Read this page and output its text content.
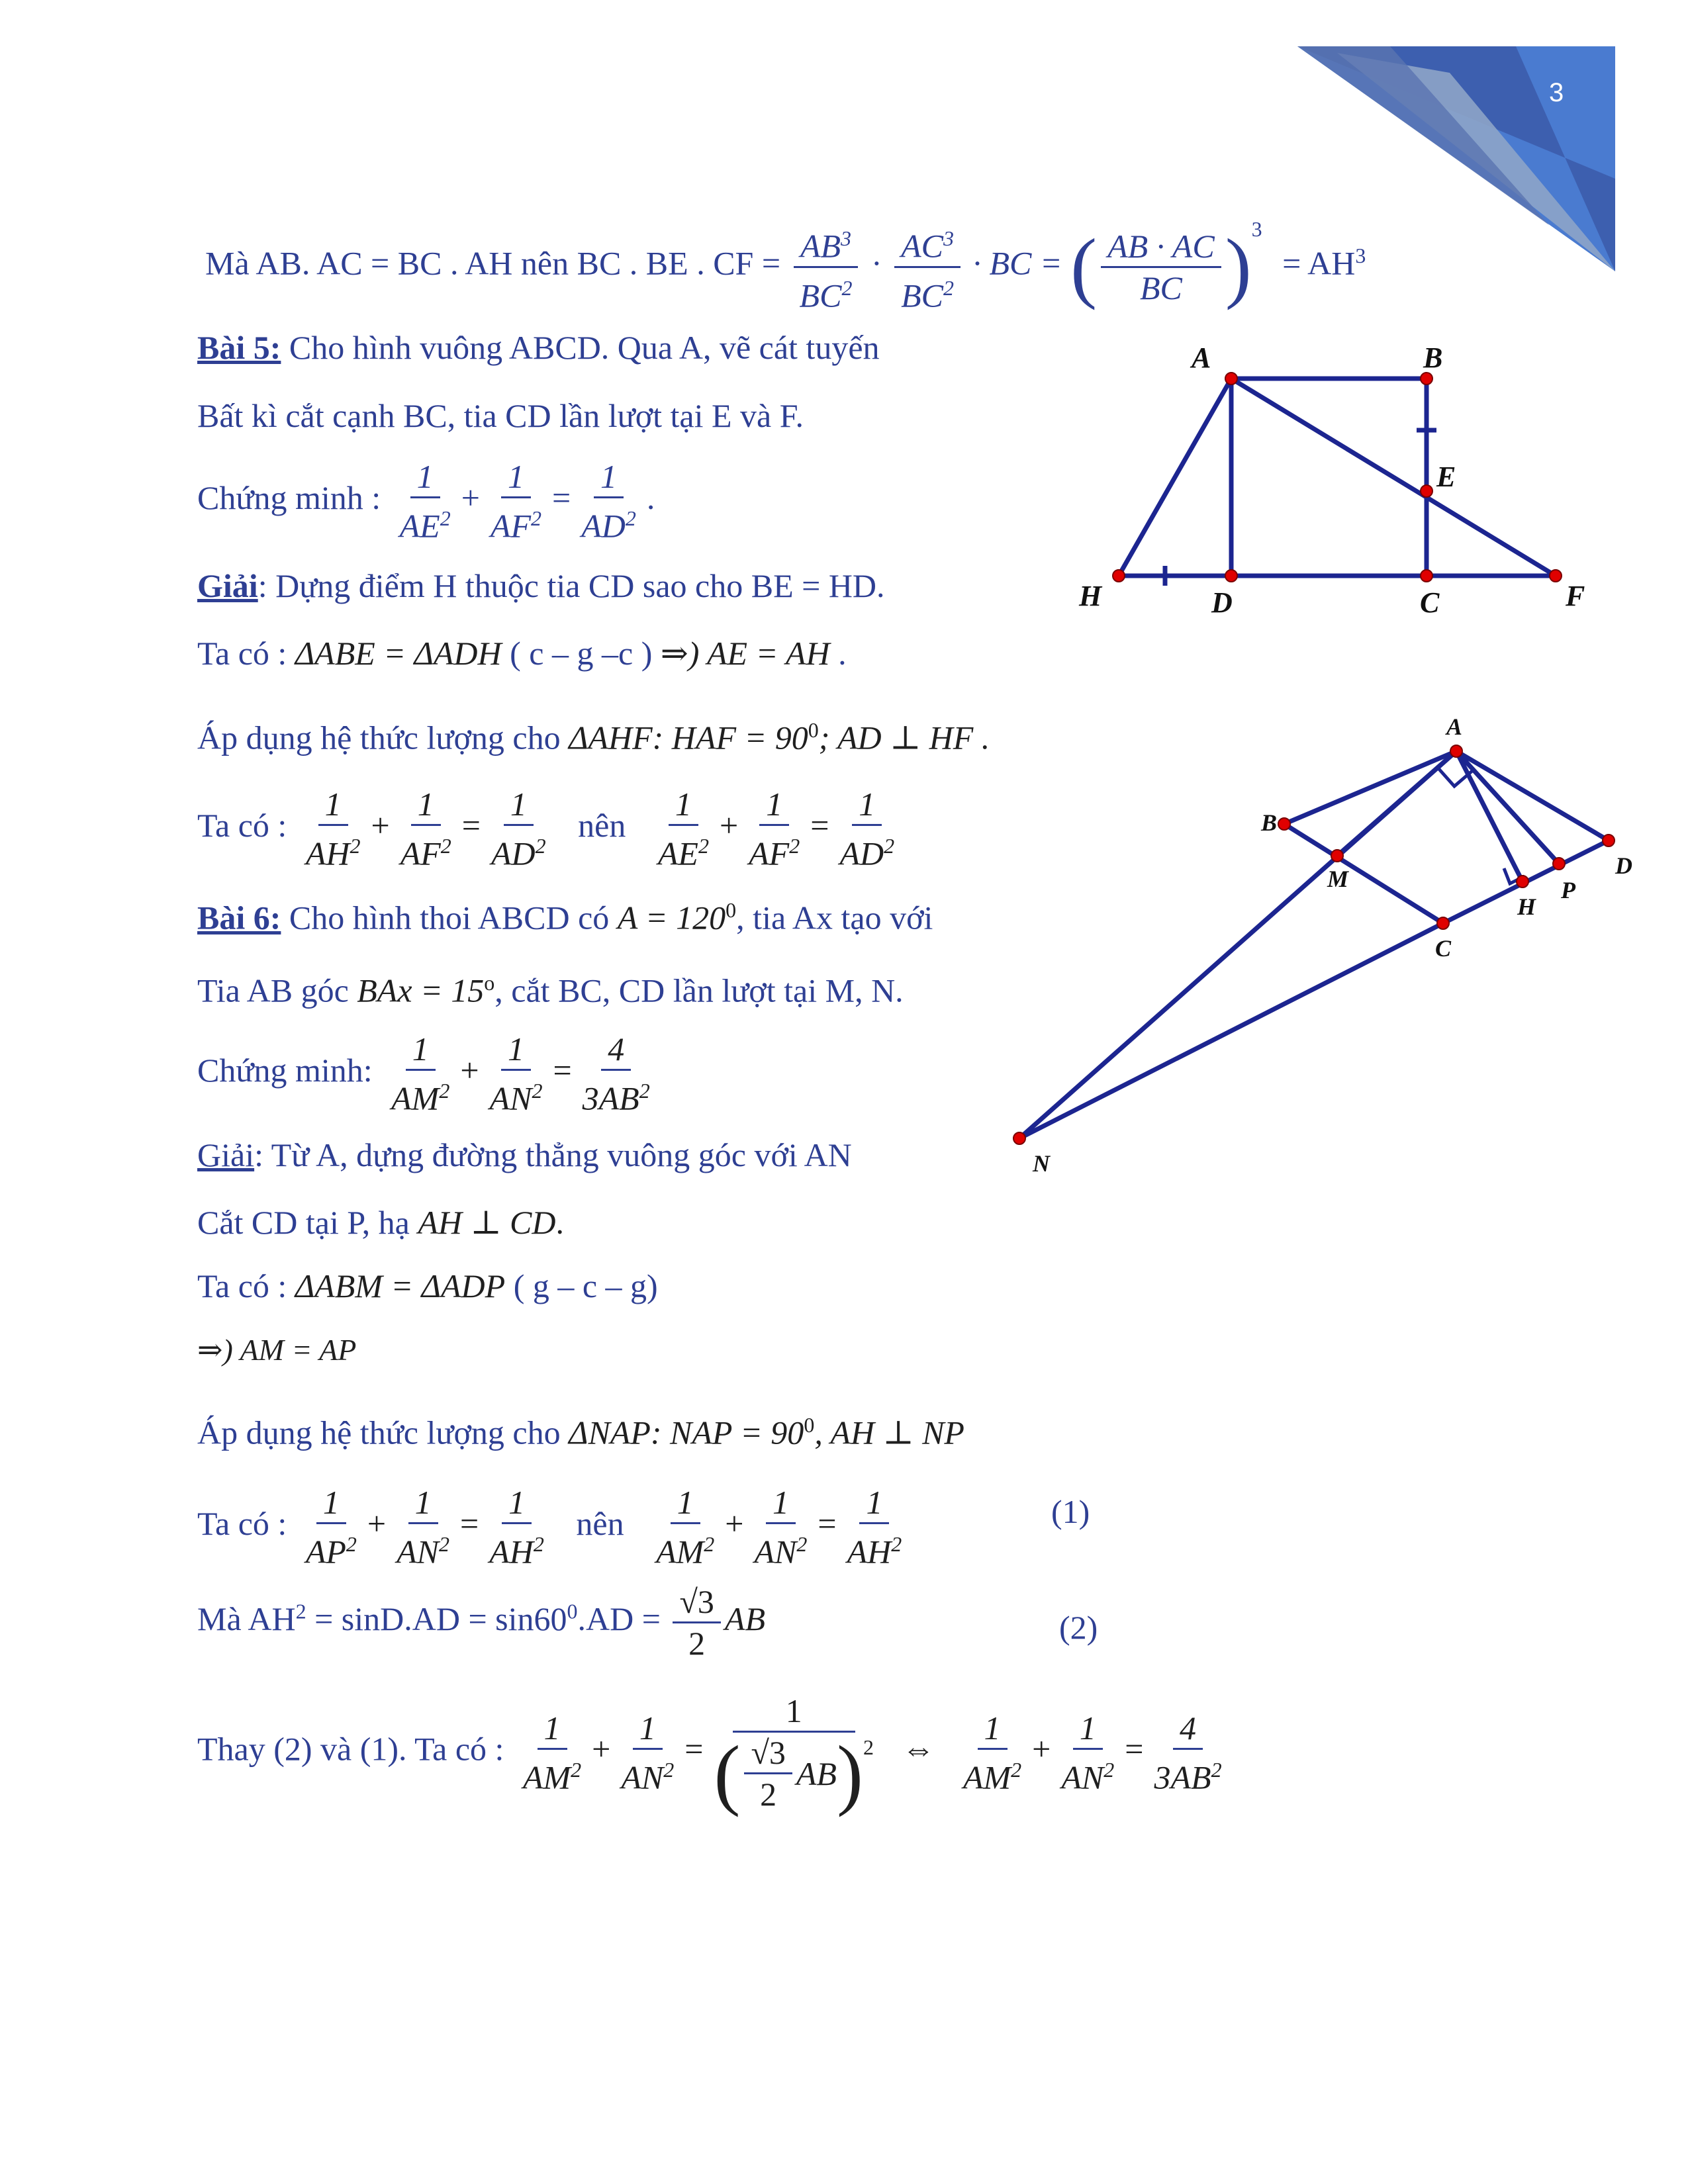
3
Mà AB. AC = BC . AH nên BC . BE . CF = $\frac{AB^3}{BC^2} \cdot \frac{AC^3}{BC^2}$ · BC = ( $\frac{AB \cdot AC}{BC} )^3 = AH^3$
Bài 5: Cho hình vuông ABCD. Qua A, vẽ cát tuyến
Bất kì cắt cạnh BC, tia CD lần lượt tại E và F.
Chứng minh : $\frac{1}{AE^2} + \frac{1}{AF^2} = \frac{1}{AD^2}$ .
Giải: Dựng điểm H thuộc tia CD sao cho BE = HD.
Ta có : ΔABE = ΔADH ( c – g –c ) ⇒) AE = AH .
Áp dụng hệ thức lượng cho ΔAHF: HAF = $90^0$; AD ⊥ HF .
Ta có : $\frac{1}{AH^2} + \frac{1}{AF^2} = \frac{1}{AD^2}$ nên $\frac{1}{AE^2} + \frac{1}{AF^2} = \frac{1}{AD^2}$
Bài 6: Cho hình thoi ABCD có $A = 120^0$, tia Ax tạo với
Tia AB góc BAx = $15^o$, cắt BC, CD lần lượt tại M, N.
Chứng minh: $\frac{1}{AM^2} + \frac{1}{AN^2} = \frac{4}{3AB^2}$
Giải: Từ A, dựng đường thẳng vuông góc với AN
Cắt CD tại P, hạ AH ⊥ CD.
Ta có : ΔABM = ΔADP ( g – c – g)
⇒) AM = AP
Áp dụng hệ thức lượng cho ΔNAP: NAP = $90^0$, AH ⊥ NP
Ta có : $\frac{1}{AP^2} + \frac{1}{AN^2} = \frac{1}{AH^2}$ nên $\frac{1}{AM^2} + \frac{1}{AN^2} = \frac{1}{AH^2}$	(1)
Mà $AH^2 = \sin D.AD = \sin 60^0.AD = \frac{√3}{2}$ AB	(2)
Thay (2) và (1). Ta có : $\frac{1}{AM^2} + \frac{1}{AN^2} = \frac{1}{( \frac{√3}{2} AB )^2}$ ⇔ $\frac{1}{AM^2} + \frac{1}{AN^2} = \frac{4}{3AB^2}$
A	B
E
H	D	C	F
A
B
M	D
H
P
C
N
